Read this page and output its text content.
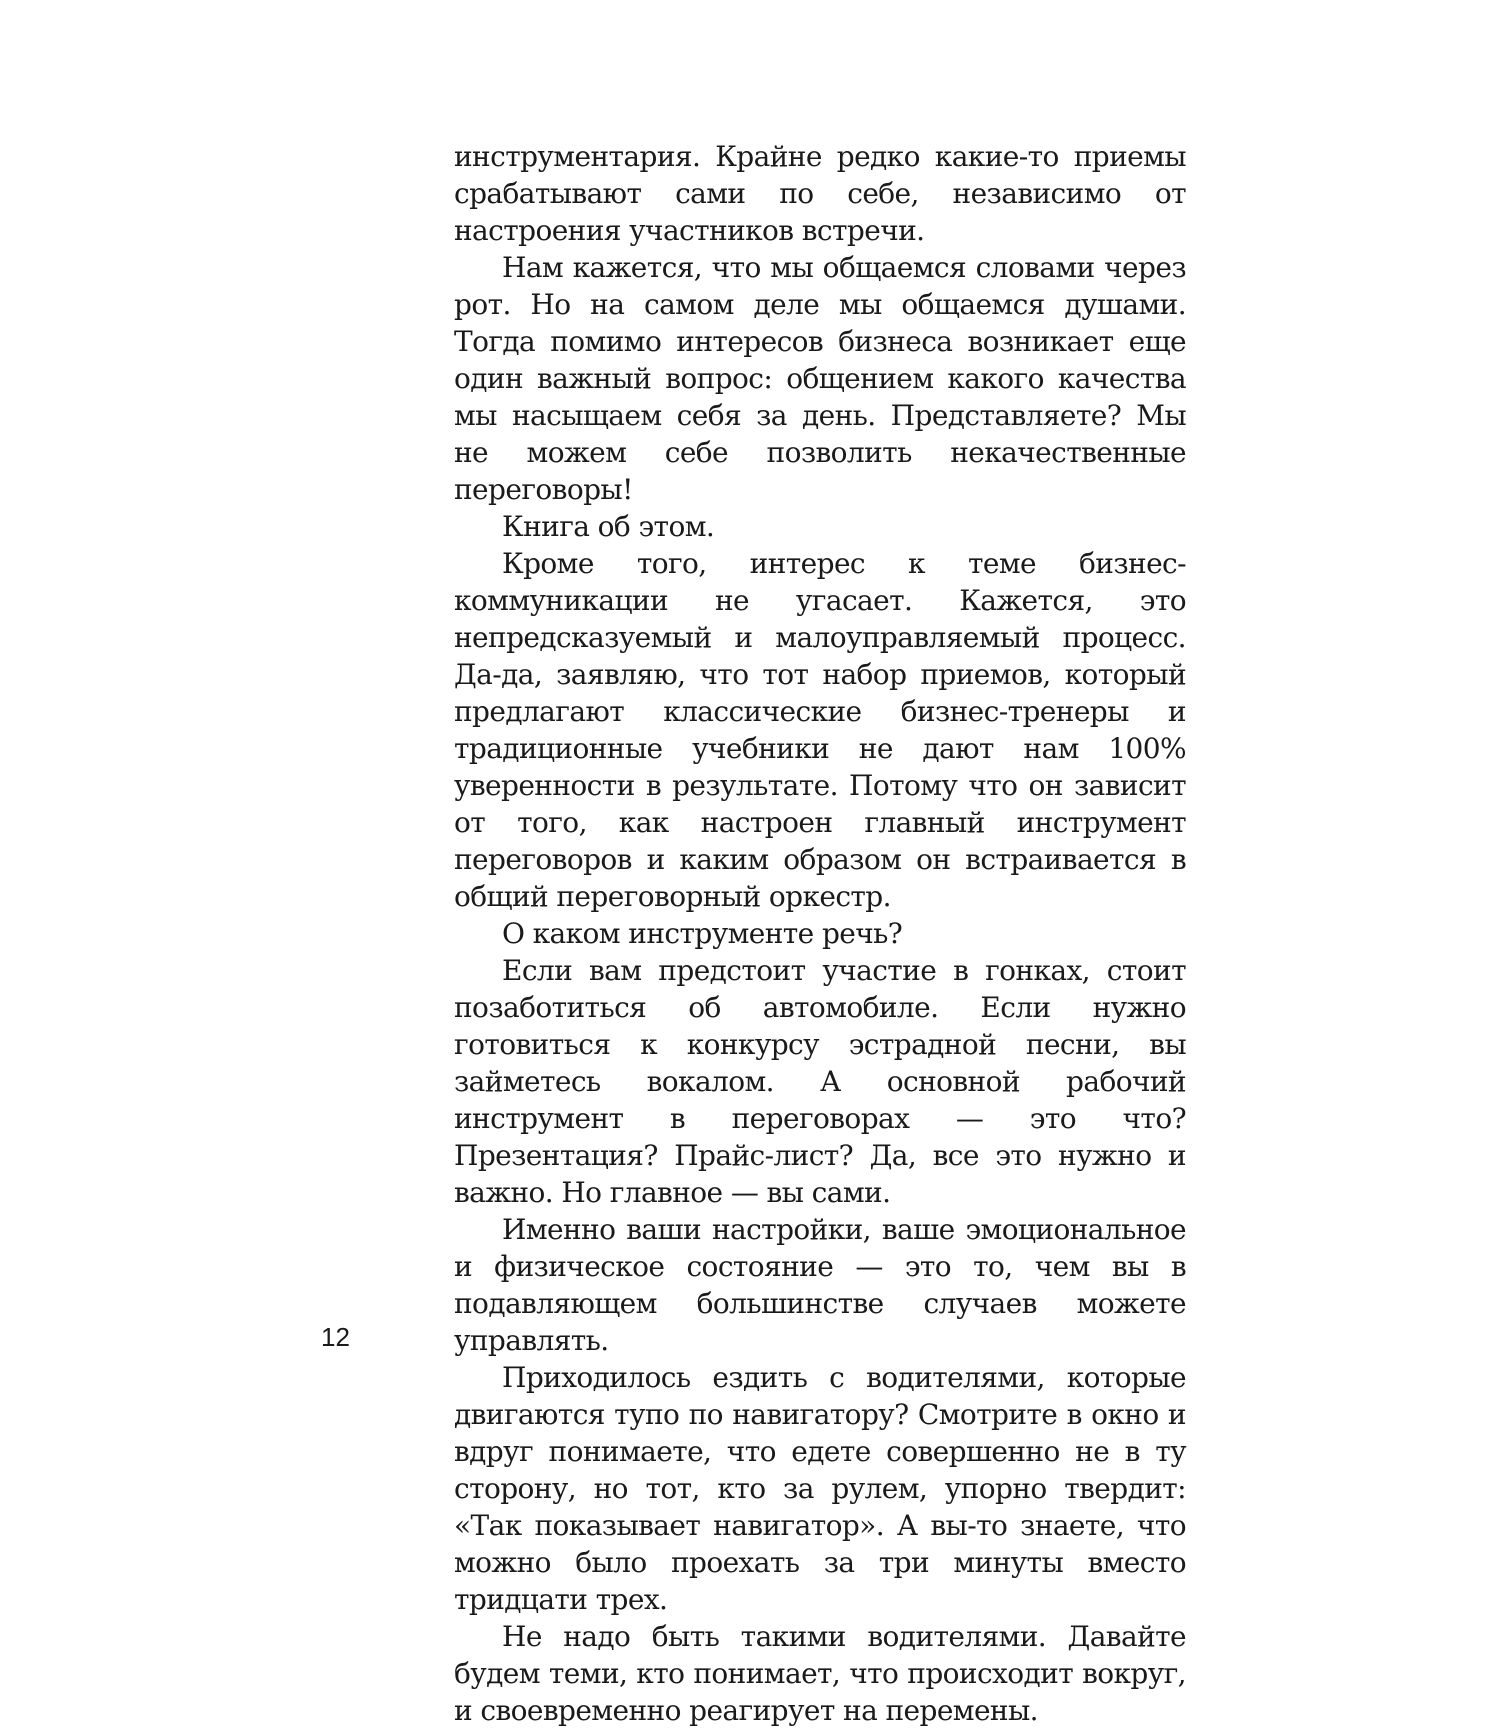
инструментария. Крайне редко какие-то приемы срабатывают сами по себе, независимо от настроения участников встречи.

Нам кажется, что мы общаемся словами через рот. Но на самом деле мы общаемся душами. Тогда помимо интересов бизнеса возникает еще один важный вопрос: общением какого качества мы насыщаем себя за день. Представляете? Мы не можем себе позволить некачественные переговоры!

Книга об этом.

Кроме того, интерес к теме бизнес-коммуникации не угасает. Кажется, это непредсказуемый и малоуправляемый процесс. Да-да, заявляю, что тот набор приемов, который предлагают классические бизнес-тренеры и традиционные учебники не дают нам 100% уверенности в результате. Потому что он зависит от того, как настроен главный инструмент переговоров и каким образом он встраивается в общий переговорный оркестр.

О каком инструменте речь?

Если вам предстоит участие в гонках, стоит позаботиться об автомобиле. Если нужно готовиться к конкурсу эстрадной песни, вы займетесь вокалом. А основной рабочий инструмент в переговорах — это что? Презентация? Прайс-лист? Да, все это нужно и важно. Но главное — вы сами.

Именно ваши настройки, ваше эмоциональное и физическое состояние — это то, чем вы в подавляющем большинстве случаев можете управлять.

Приходилось ездить с водителями, которые двигаются тупо по навигатору? Смотрите в окно и вдруг понимаете, что едете совершенно не в ту сторону, но тот, кто за рулем, упорно твердит: «Так показывает навигатор». А вы-то знаете, что можно было проехать за три минуты вместо тридцати трех.

Не надо быть такими водителями. Давайте будем теми, кто понимает, что происходит вокруг, и своевременно реагирует на перемены.

12
